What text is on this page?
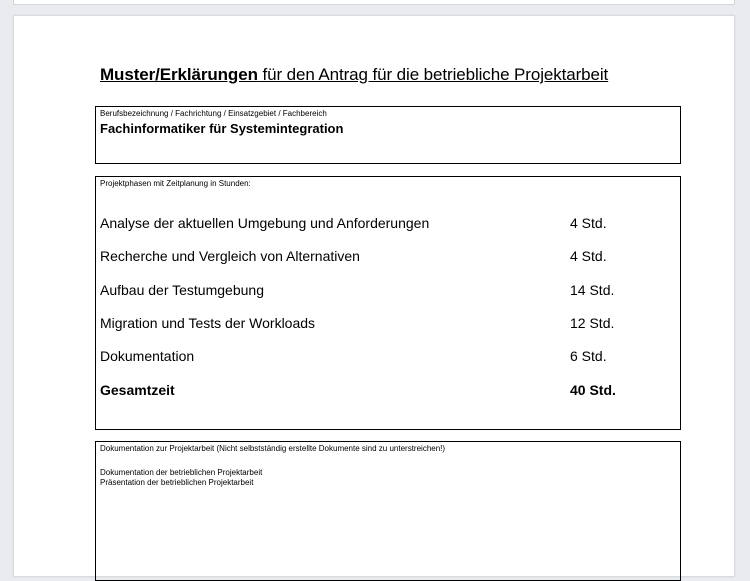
Muster/Erklärungen für den Antrag für die betriebliche Projektarbeit
Berufsbezeichnung / Fachrichtung / Einsatzgebiet / Fachbereich
Fachinformatiker für Systemintegration
Projektphasen mit Zeitplanung in Stunden:
Analyse der aktuellen Umgebung und Anforderungen	4 Std.
Recherche und Vergleich von Alternativen	4 Std.
Aufbau der Testumgebung	14 Std.
Migration und Tests der Workloads	12 Std.
Dokumentation	6 Std.
Gesamtzeit	40 Std.
Dokumentation zur Projektarbeit (Nicht selbstständig erstellte Dokumente sind zu unterstreichen!)
Dokumentation der betrieblichen Projektarbeit
Präsentation der betrieblichen Projektarbeit
